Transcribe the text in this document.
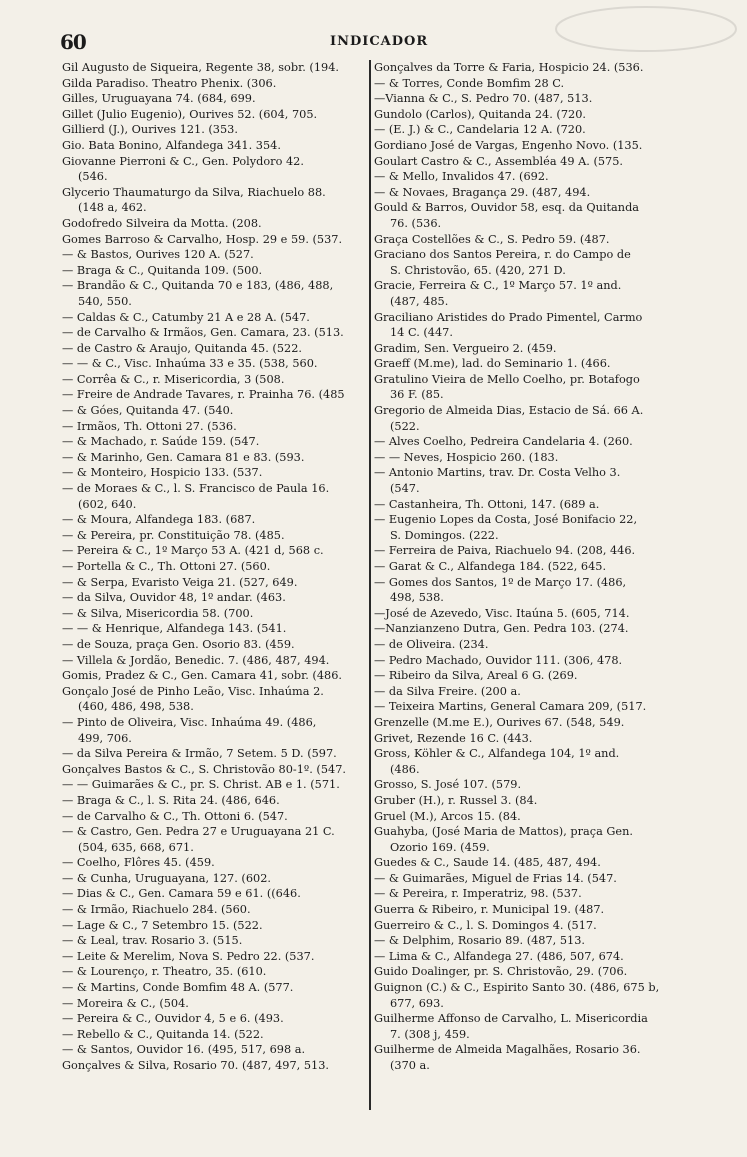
60	INDICADOR
Gil Augusto de Siqueira, Regente 38, sobr. (194.
Gilda Paradiso. Theatro Phenix. (306.
Gilles, Uruguayana 74. (684, 699.
Gillet (Julio Eugenio), Ourives 52. (604, 705.
Gillierd (J.), Ourives 121. (353.
Gio. Bata Bonino, Alfandega 341. 354.
Giovanne Pierroni & C., Gen. Polydoro 42.
(546.
Glycerio Thaumaturgo da Silva, Riachuelo 88.
(148 a, 462.
Godofredo Silveira da Motta. (208.
Gomes Barroso & Carvalho, Hosp. 29 e 59. (537.
— & Bastos, Ourives 120 A. (527.
— Braga & C., Quitanda 109. (500.
— Brandão & C., Quitanda 70 e 183, (486, 488,
540, 550.
— Caldas & C., Catumby 21 A e 28 A. (547.
— de Carvalho & Irmãos, Gen. Camara, 23. (513.
— de Castro & Araujo, Quitanda 45. (522.
— — & C., Visc. Inhaúma 33 e 35. (538, 560.
— Corrêa & C., r. Misericordia, 3 (508.
— Freire de Andrade Tavares, r. Prainha 76. (485
— & Góes, Quitanda 47. (540.
— Irmãos, Th. Ottoni 27. (536.
— & Machado, r. Saúde 159. (547.
— & Marinho, Gen. Camara 81 e 83. (593.
— & Monteiro, Hospicio 133. (537.
— de Moraes & C., l. S. Francisco de Paula 16.
(602, 640.
— & Moura, Alfandega 183. (687.
— & Pereira, pr. Constituição 78. (485.
— Pereira & C., 1º Março 53 A. (421 d, 568 c.
— Portella & C., Th. Ottoni 27. (560.
— & Serpa, Evaristo Veiga 21. (527, 649.
— da Silva, Ouvidor 48, 1º andar. (463.
— & Silva, Misericordia 58. (700.
— — & Henrique, Alfandega 143. (541.
— de Souza, praça Gen. Osorio 83. (459.
— Villela & Jordão, Benedic. 7. (486, 487, 494.
Gomis, Pradez & C., Gen. Camara 41, sobr. (486.
Gonçalo José de Pinho Leão, Visc. Inhaúma 2.
(460, 486, 498, 538.
— Pinto de Oliveira, Visc. Inhaúma 49. (486,
499, 706.
— da Silva Pereira & Irmão, 7 Setem. 5 D. (597.
Gonçalves Bastos & C., S. Christovão 80-1º. (547.
— — Guimarães & C., pr. S. Christ. AB e 1. (571.
— Braga & C., l. S. Rita 24. (486, 646.
— de Carvalho & C., Th. Ottoni 6. (547.
— & Castro, Gen. Pedra 27 e Uruguayana 21 C.
(504, 635, 668, 671.
— Coelho, Flôres 45. (459.
— & Cunha, Uruguayana, 127. (602.
— Dias & C., Gen. Camara 59 e 61. ((646.
— & Irmão, Riachuelo 284. (560.
— Lage & C., 7 Setembro 15. (522.
— & Leal, trav. Rosario 3. (515.
— Leite & Merelim, Nova S. Pedro 22. (537.
— & Lourenço, r. Theatro, 35. (610.
— & Martins, Conde Bomfim 48 A. (577.
— Moreira & C., (504.
— Pereira & C., Ouvidor 4, 5 e 6. (493.
— Rebello & C., Quitanda 14. (522.
— & Santos, Ouvidor 16. (495, 517, 698 a.
Gonçalves & Silva, Rosario 70. (487, 497, 513.
Gonçalves da Torre & Faria, Hospicio 24. (536.
— & Torres, Conde Bomfim 28 C.
—Vianna & C., S. Pedro 70. (487, 513.
Gundolo (Carlos), Quitanda 24. (720.
— (E. J.) & C., Candelaria 12 A. (720.
Gordiano José de Vargas, Engenho Novo. (135.
Goulart Castro & C., Assembléa 49 A. (575.
— & Mello, Invalidos 47. (692.
— & Novaes, Bragança 29. (487, 494.
Gould & Barros, Ouvidor 58, esq. da Quitanda
76. (536.
Graça Costellões & C., S. Pedro 59. (487.
Graciano dos Santos Pereira, r. do Campo de
S. Christovão, 65. (420, 271 D.
Gracie, Ferreira & C., 1º Março 57. 1º and.
(487, 485.
Graciliano Aristides do Prado Pimentel, Carmo
14 C. (447.
Gradim, Sen. Vergueiro 2. (459.
Graeff (M.me), lad. do Seminario 1. (466.
Gratulino Vieira de Mello Coelho, pr. Botafogo
36 F. (85.
Gregorio de Almeida Dias, Estacio de Sá. 66 A.
(522.
— Alves Coelho, Pedreira Candelaria 4. (260.
— — Neves, Hospicio 260. (183.
— Antonio Martins, trav. Dr. Costa Velho 3.
(547.
— Castanheira, Th. Ottoni, 147. (689 a.
— Eugenio Lopes da Costa, José Bonifacio 22,
S. Domingos. (222.
— Ferreira de Paiva, Riachuelo 94. (208, 446.
— Garat & C., Alfandega 184. (522, 645.
— Gomes dos Santos, 1º de Março 17. (486,
498, 538.
—José de Azevedo, Visc. Itaúna 5. (605, 714.
—Nanzianzeno Dutra, Gen. Pedra 103. (274.
— de Oliveira. (234.
— Pedro Machado, Ouvidor 111. (306, 478.
— Ribeiro da Silva, Areal 6 G. (269.
— da Silva Freire. (200 a.
— Teixeira Martins, General Camara 209, (517.
Grenzelle (M.me E.), Ourives 67. (548, 549.
Grivet, Rezende 16 C. (443.
Gross, Köhler & C., Alfandega 104, 1º and.
(486.
Grosso, S. José 107. (579.
Gruber (H.), r. Russel 3. (84.
Gruel (M.), Arcos 15. (84.
Guahyba, (José Maria de Mattos), praça Gen.
Ozorio 169. (459.
Guedes & C., Saude 14. (485, 487, 494.
— & Guimarães, Miguel de Frias 14. (547.
— & Pereira, r. Imperatriz, 98. (537.
Guerra & Ribeiro, r. Municipal 19. (487.
Guerreiro & C., l. S. Domingos 4. (517.
— & Delphim, Rosario 89. (487, 513.
— Lima & C., Alfandega 27. (486, 507, 674.
Guido Doalinger, pr. S. Christovão, 29. (706.
Guignon (C.) & C., Espirito Santo 30. (486, 675 b,
677, 693.
Guilherme Affonso de Carvalho, L. Misericordia
7. (308 j, 459.
Guilherme de Almeida Magalhães, Rosario 36.
(370 a.
